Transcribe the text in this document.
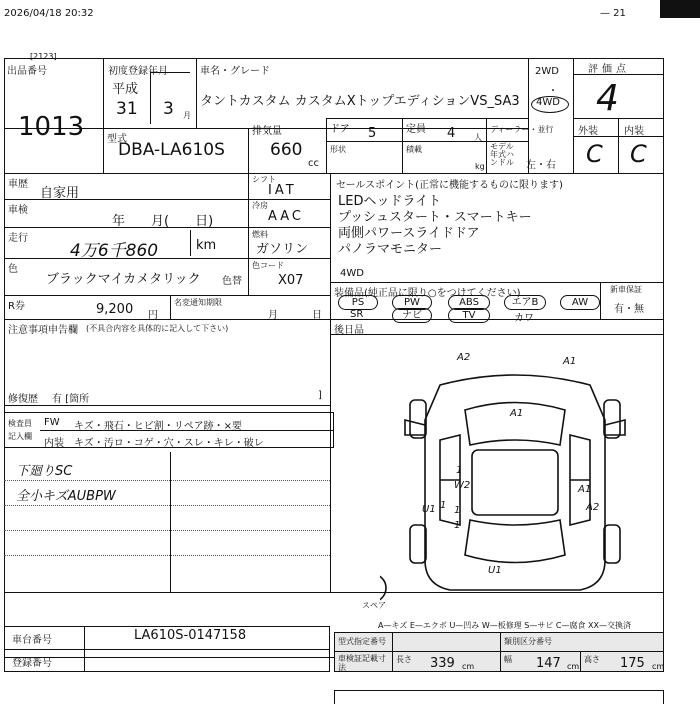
2026/04/18 20:32	— 21
[2123]
出品番号
1013
初度登録年月
平成
31 3 月
車名・グレード
タントカスタム カスタムXトップエディションVS_SA3
2WD
・
4WD
評価点
4
型式
DBA-LA610S
排気量
660
cc
ドア 5
形状
定員 4 人
積載
kg
ディーラー・並行
モデル年式ハンドル	左・右
外装	内装
C C
車歴
自家用
車検
年　　月(　　日)
走行
4万6千860	km
色
ブラックマイカメタリック 色替
シフト
IAT
冷房
AAC
燃料
ガソリン
色コード
X07
R券	9,200 円
名変通知期限
月	日
注意事項申告欄 (不具合内容を具体的に記入して下さい)
修復歴 有 [箇所	]
検査員
記入欄
FW キズ・飛石・ヒビ割・リペア跡・×要
内装 キズ・汚ロ・コゲ・穴・スレ・キレ・破レ
下廻りSC
全小キズAUBPW
セールスポイント(正常に機能するものに限ります)
LEDヘッドライト
プッシュスタート・スマートキー
両側パワースライドドア
パノラマモニター
4WD
装備品(純正品に限り○をつけてください)	新車保証
有・無
PS	PW	ABS	エアB	AW
SR	ナビ	TV	カワ
後日品
スペア
A2	A1
A1
W2	A1
A2
U1
U1
1
1
1
1
A—キズ E—エクボ U—凹み W—板修理 S—サビ C—腐食 XX—交換済
車台番号	LA610S-0147158
登録番号
型式指定番号	類別区分番号
車検証記載寸法
長さ 339 cm
幅 147 cm
高さ 175 cm
